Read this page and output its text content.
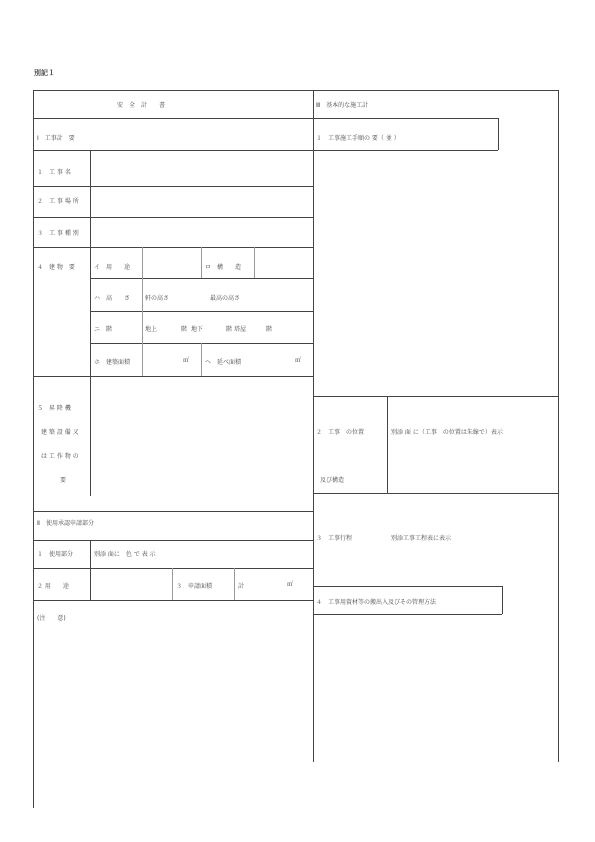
別記１
安　全　計　　書
Ⅰ　工事計　要
１　工 事 名
２　工 事 場 所
３　工 事 種 別
４　建 物　要	イ　用　　途	ロ　構　　造
ハ　高　　さ 軒の高さ	最高の高さ
ニ　階	地上	階 地下	階 塔屋	階
ホ　建築面積	㎡	ヘ　延べ面積	㎡
５　昇 降 機
建 築 設 備 又
は 工 作 物 の
要
Ⅱ　使用承認申請部分
１　使用部分	別添 面に　色 で 表 示
２ 用　　途	３　申請面積	計	㎡
(注　　意)
Ⅲ　基本的な施工計
１　工事施工手順の 要（ 並 ）
２　工事　の位置
及び構造
別添 面 に（工事　の位置は朱線で）表示
３　工事行程	別添工事工程表に表示
４　工事用資材等の搬出入及びその管理方法
